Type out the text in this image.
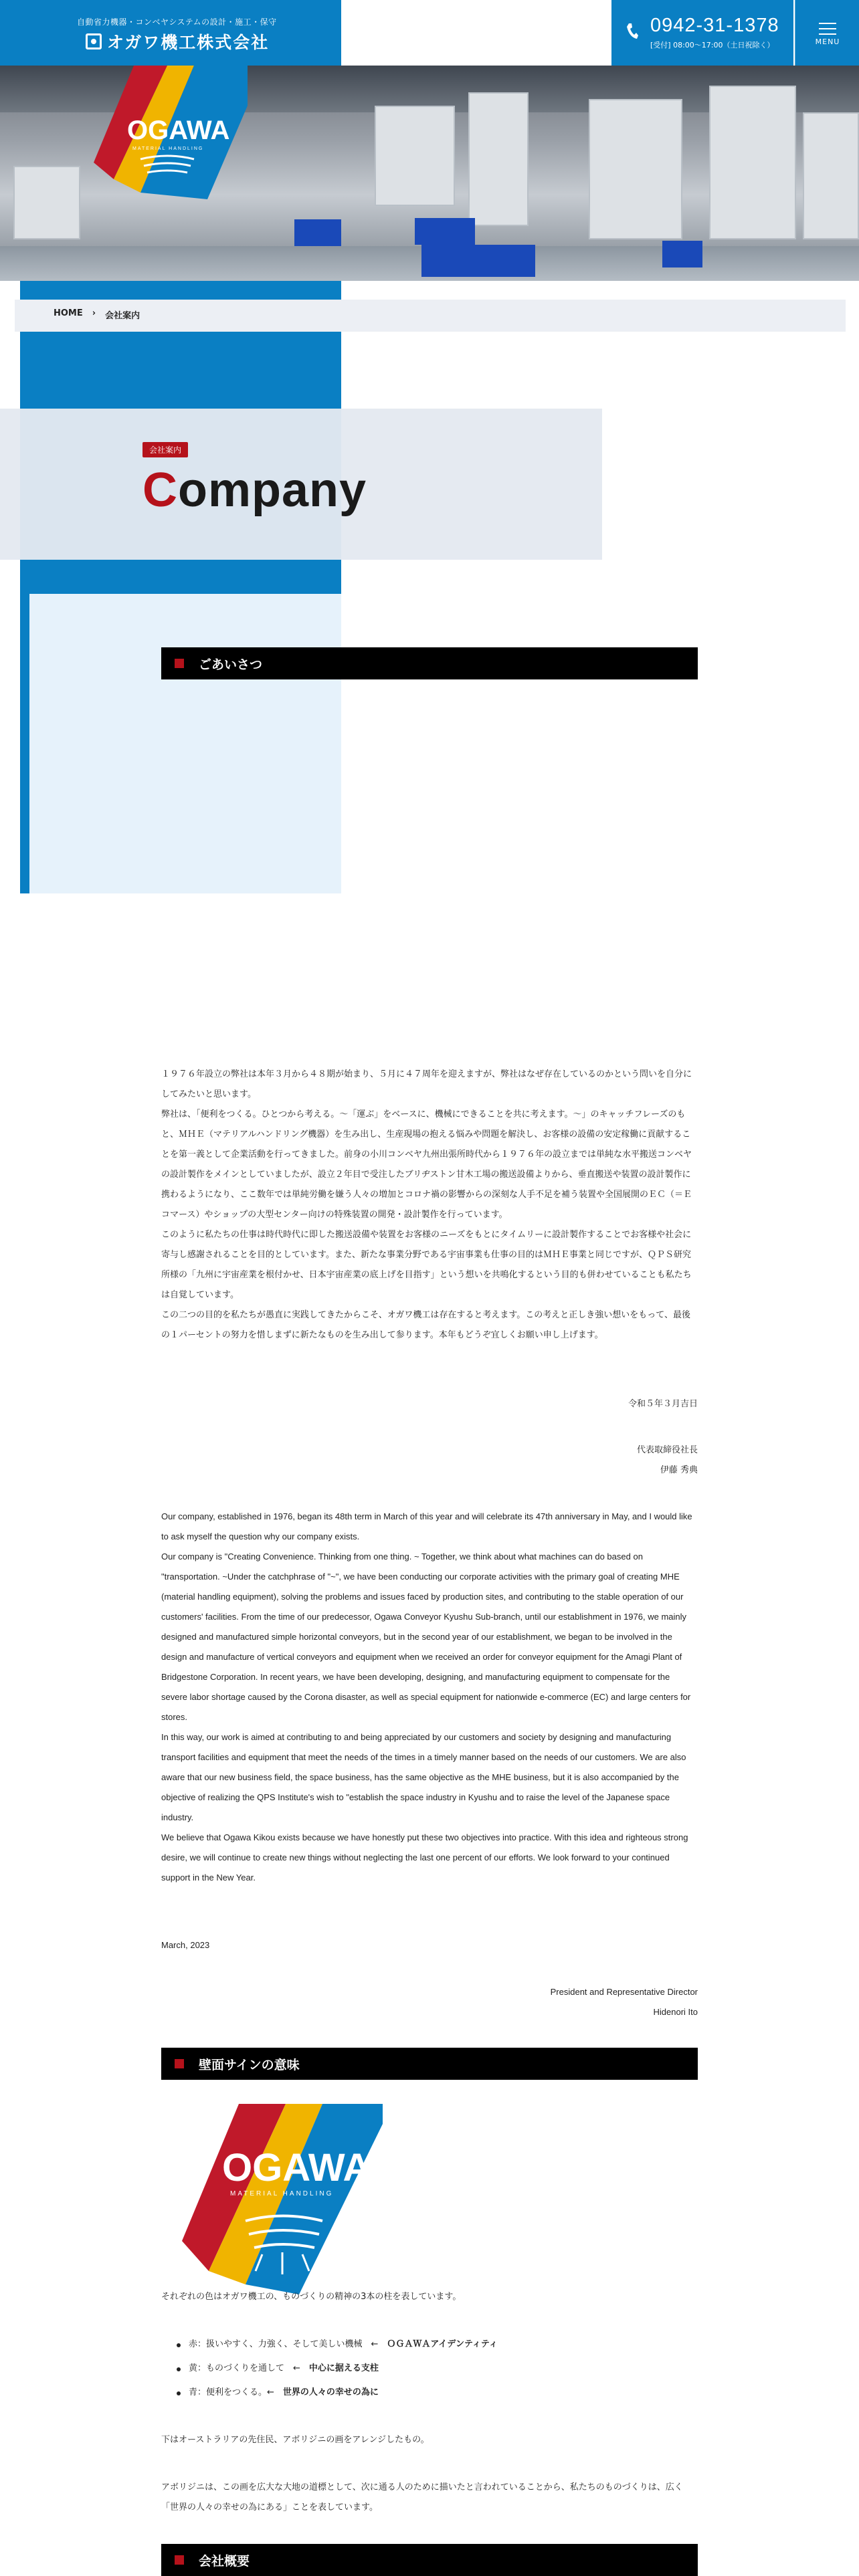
自動省力機器・コンベヤシステムの設計・施工・保守
オガワ機工株式会社
0942-31-1378
[受付] 08:00～17:00（土日祝除く）	MENU
OGAWA
MATERIAL HANDLING
HOME › 会社案内
会社案内
Company
ごあいさつ

１９７６年設立の弊社は本年３月から４８期が始まり、５月に４７周年を迎えますが、弊社はなぜ存在しているのかという問いを自分にしてみたいと思います。

弊社は、「便利をつくる。ひとつから考える。～「運ぶ」をベースに、機械にできることを共に考えます。～」のキャッチフレーズのもと、ＭＨＥ（マテリアルハンドリング機器）を生み出し、生産現場の抱える悩みや問題を解決し、お客様の設備の安定稼働に貢献することを第一義として企業活動を行ってきました。前身の小川コンベヤ九州出張所時代から１９７６年の設立までは単純な水平搬送コンベヤの設計製作をメインとしていましたが、設立２年目で受注したブリヂストン甘木工場の搬送設備よりから、垂直搬送や装置の設計製作に携わるようになり、ここ数年では単純労働を嫌う人々の増加とコロナ禍の影響からの深刻な人手不足を補う装置や全国展開のＥＣ（＝Ｅコマース）やショップの大型センター向けの特殊装置の開発・設計製作を行っています。

このように私たちの仕事は時代時代に即した搬送設備や装置をお客様のニーズをもとにタイムリーに設計製作することでお客様や社会に寄与し感謝されることを目的としています。また、新たな事業分野である宇宙事業も仕事の目的はＭＨＥ事業と同じですが、ＱＰＳ研究所様の「九州に宇宙産業を根付かせ、日本宇宙産業の底上げを目指す」という想いを共鳴化するという目的も併わせていることも私たちは自覚しています。

この二つの目的を私たちが愚直に実践してきたからこそ、オガワ機工は存在すると考えます。この考えと正しき強い想いをもって、最後の１パーセントの努力を惜しまずに新たなものを生み出して参ります。本年もどうぞ宜しくお願い申し上げます。

令和５年３月吉日
代表取締役社長
伊藤 秀典

Our company, established in 1976, began its 48th term in March of this year and will celebrate its 47th anniversary in May, and I would like to ask myself the question why our company exists.

Our company is "Creating Convenience. Thinking from one thing. ~ Together, we think about what machines can do based on "transportation. ~Under the catchphrase of "~", we have been conducting our corporate activities with the primary goal of creating MHE (material handling equipment), solving the problems and issues faced by production sites, and contributing to the stable operation of our customers' facilities. From the time of our predecessor, Ogawa Conveyor Kyushu Sub-branch, until our establishment in 1976, we mainly designed and manufactured simple horizontal conveyors, but in the second year of our establishment, we began to be involved in the design and manufacture of vertical conveyors and equipment when we received an order for conveyor equipment for the Amagi Plant of Bridgestone Corporation. In recent years, we have been developing, designing, and manufacturing equipment to compensate for the severe labor shortage caused by the Corona disaster, as well as special equipment for nationwide e-commerce (EC) and large centers for stores.

In this way, our work is aimed at contributing to and being appreciated by our customers and society by designing and manufacturing transport facilities and equipment that meet the needs of the times in a timely manner based on the needs of our customers. We are also aware that our new business field, the space business, has the same objective as the MHE business, but it is also accompanied by the objective of realizing the QPS Institute's wish to "establish the space industry in Kyushu and to raise the level of the Japanese space industry.

We believe that Ogawa Kikou exists because we have honestly put these two objectives into practice. With this idea and righteous strong desire, we will continue to create new things without neglecting the last one percent of our efforts. We look forward to your continued support in the New Year.

March, 2023
President and Representative Director
Hidenori Ito
壁面サインの意味
OGAWA
MATERIAL HANDLING
それぞれの色はオガワ機工の、ものづくりの精神の3本の柱を表しています。
赤：扱いやすく、力強く、そして美しい機械　←　ＯＧＡＷＡアイデンティティ
黄：ものづくりを通して　←　中心に据える支柱
青：便利をつくる。←　世界の人々の幸せの為に
下はオーストラリアの先住民、アボリジニの画をアレンジしたもの。
アボリジニは、この画を広大な大地の道標として、次に通る人のために描いたと言われていることから、私たちのものづくりは、広く「世界の人々の幸せの為にある」ことを表しています。
会社概要
